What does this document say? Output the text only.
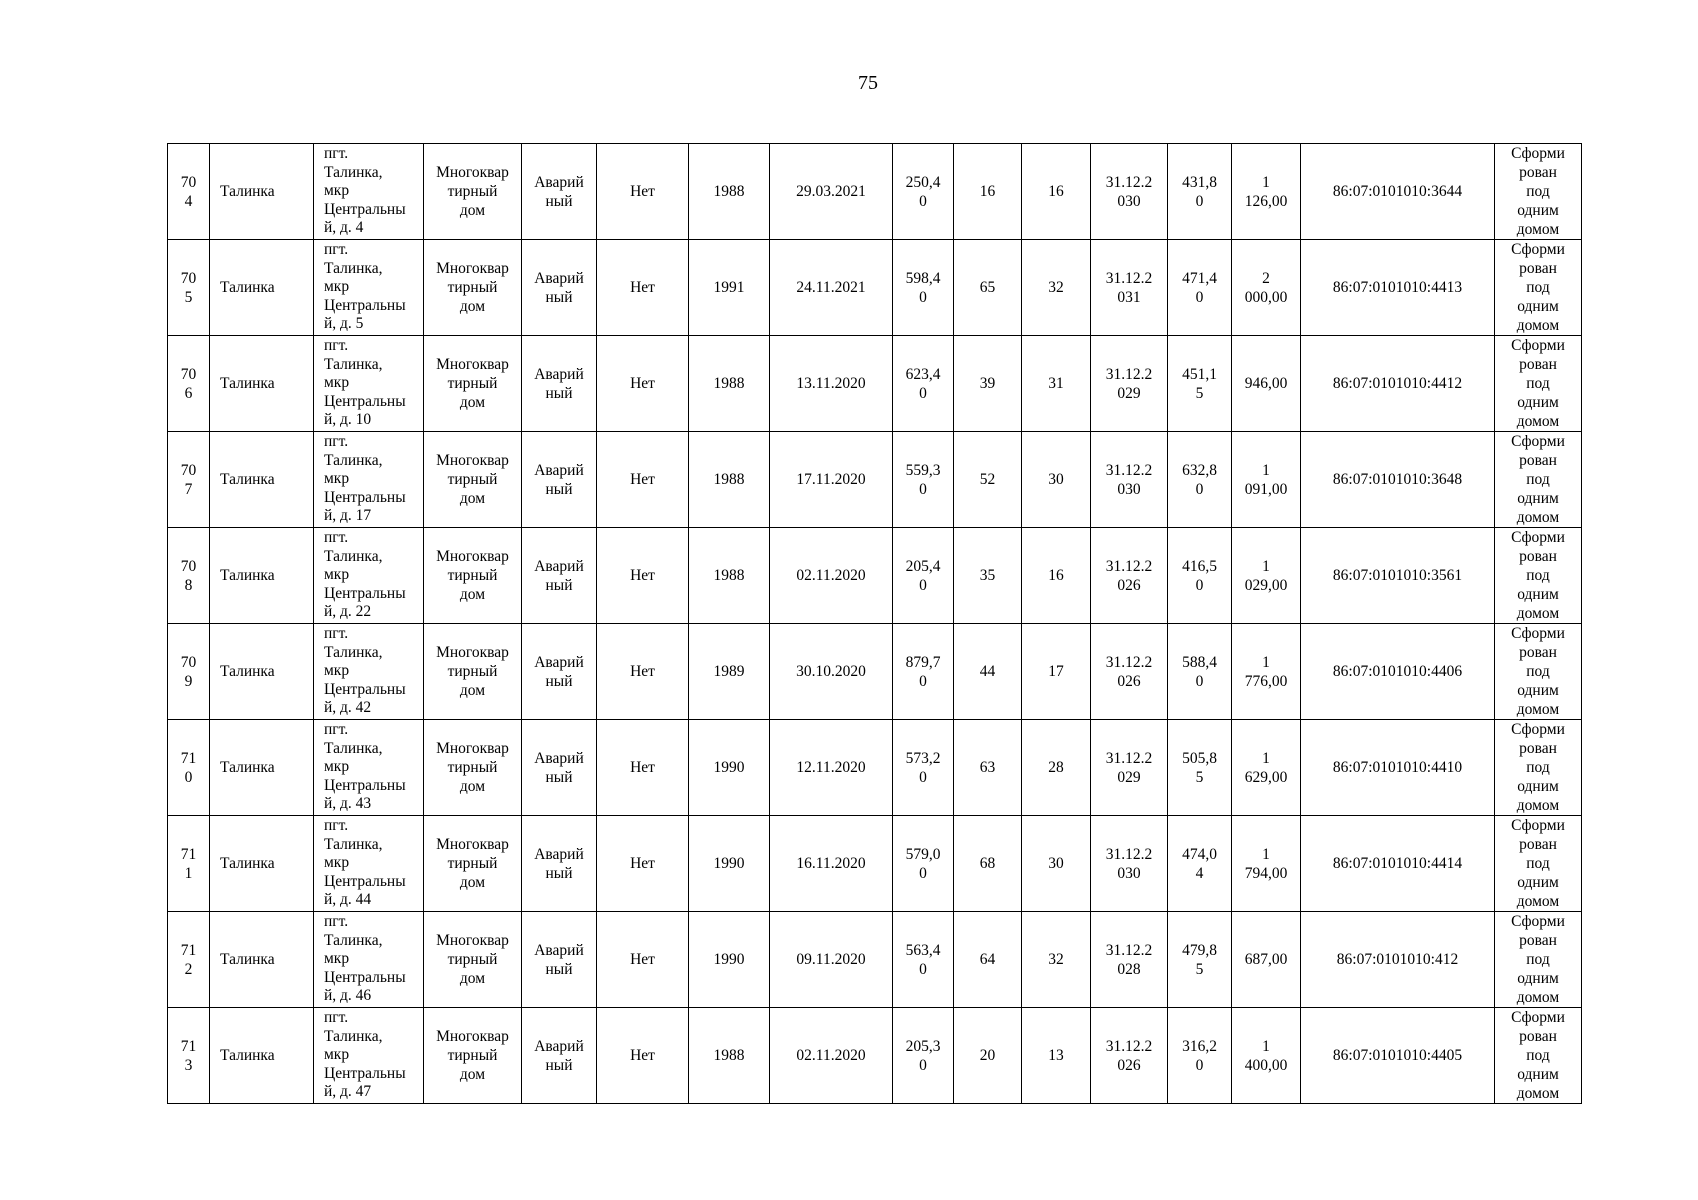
75
70
4	Талинка	пгт.
Талинка,
мкр
Центральны
й, д. 4	Многоквар
тирный
дом	Аварий
ный	Нет	1988	29.03.2021	250,4
0	16	16	31.12.2
030	431,8
0	1
126,00	86:07:0101010:3644	Сформи
рован
под
одним
домом
70
5	Талинка	пгт.
Талинка,
мкр
Центральны
й, д. 5	Многоквар
тирный
дом	Аварий
ный	Нет	1991	24.11.2021	598,4
0	65	32	31.12.2
031	471,4
0	2
000,00	86:07:0101010:4413	Сформи
рован
под
одним
домом
70
6	Талинка	пгт.
Талинка,
мкр
Центральны
й, д. 10	Многоквар
тирный
дом	Аварий
ный	Нет	1988	13.11.2020	623,4
0	39	31	31.12.2
029	451,1
5	946,00	86:07:0101010:4412	Сформи
рован
под
одним
домом
70
7	Талинка	пгт.
Талинка,
мкр
Центральны
й, д. 17	Многоквар
тирный
дом	Аварий
ный	Нет	1988	17.11.2020	559,3
0	52	30	31.12.2
030	632,8
0	1
091,00	86:07:0101010:3648	Сформи
рован
под
одним
домом
70
8	Талинка	пгт.
Талинка,
мкр
Центральны
й, д. 22	Многоквар
тирный
дом	Аварий
ный	Нет	1988	02.11.2020	205,4
0	35	16	31.12.2
026	416,5
0	1
029,00	86:07:0101010:3561	Сформи
рован
под
одним
домом
70
9	Талинка	пгт.
Талинка,
мкр
Центральны
й, д. 42	Многоквар
тирный
дом	Аварий
ный	Нет	1989	30.10.2020	879,7
0	44	17	31.12.2
026	588,4
0	1
776,00	86:07:0101010:4406	Сформи
рован
под
одним
домом
71
0	Талинка	пгт.
Талинка,
мкр
Центральны
й, д. 43	Многоквар
тирный
дом	Аварий
ный	Нет	1990	12.11.2020	573,2
0	63	28	31.12.2
029	505,8
5	1
629,00	86:07:0101010:4410	Сформи
рован
под
одним
домом
71
1	Талинка	пгт.
Талинка,
мкр
Центральны
й, д. 44	Многоквар
тирный
дом	Аварий
ный	Нет	1990	16.11.2020	579,0
0	68	30	31.12.2
030	474,0
4	1
794,00	86:07:0101010:4414	Сформи
рован
под
одним
домом
71
2	Талинка	пгт.
Талинка,
мкр
Центральны
й, д. 46	Многоквар
тирный
дом	Аварий
ный	Нет	1990	09.11.2020	563,4
0	64	32	31.12.2
028	479,8
5	687,00	86:07:0101010:412	Сформи
рован
под
одним
домом
71
3	Талинка	пгт.
Талинка,
мкр
Центральны
й, д. 47	Многоквар
тирный
дом	Аварий
ный	Нет	1988	02.11.2020	205,3
0	20	13	31.12.2
026	316,2
0	1
400,00	86:07:0101010:4405	Сформи
рован
под
одним
домом
